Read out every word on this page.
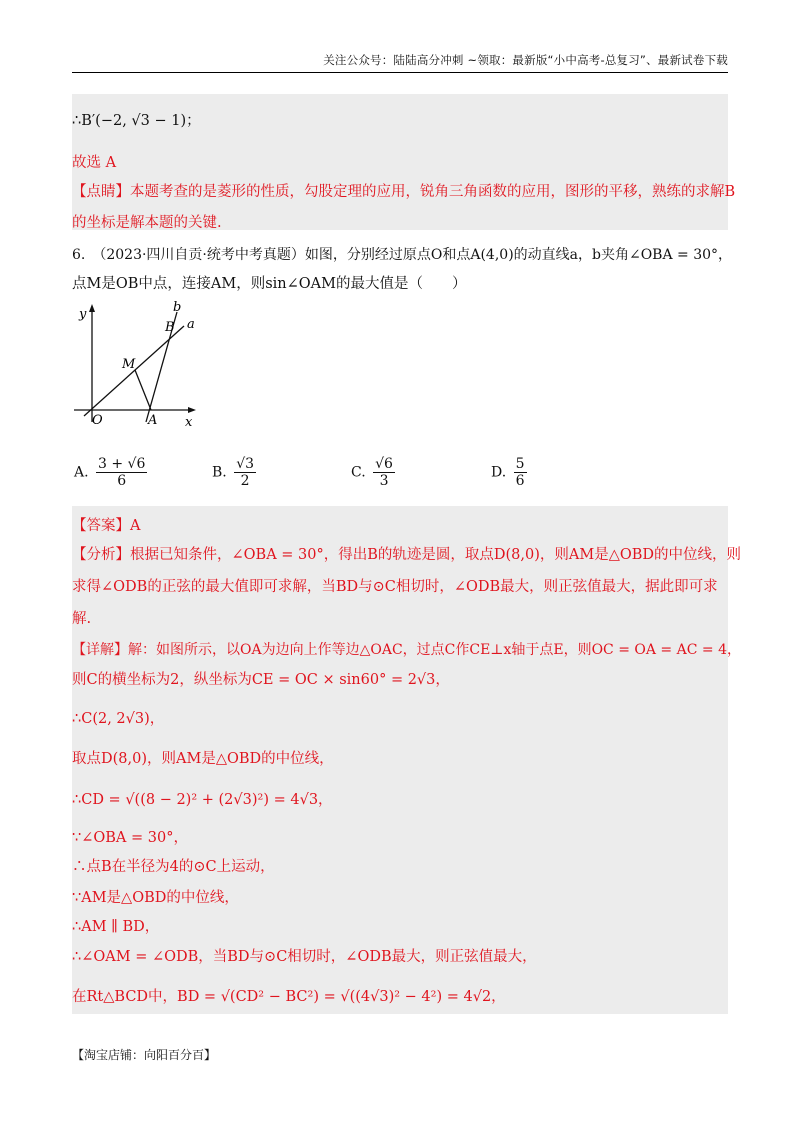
关注公众号：陆陆高分冲刺 ~领取：最新版“小中高考-总复习”、最新试卷下载
∴B′(−2, √3 − 1)；
故选 A
【点睛】本题考查的是菱形的性质，勾股定理的应用，锐角三角函数的应用，图形的平移，熟练的求解B
的坐标是解本题的关键.
6.　（2023·四川自贡·统考中考真题）如图，分别经过原点O和点A(4,0)的动直线a，b夹角∠OBA = 30°，
点M是OB中点，连接AM，则sin∠OAM的最大值是（　　）
y
x
O	A
M
B
b
a
A. $\frac{3 + √6}{6}$	B. $\frac{√3}{2}$	C. $\frac{√6}{3}$	D. $\frac{5}{6}$
【答案】A
【分析】根据已知条件，∠OBA = 30°，得出B的轨迹是圆，取点D(8,0)，则AM是△OBD的中位线，则
求得∠ODB的正弦的最大值即可求解，当BD与⊙C相切时，∠ODB最大，则正弦值最大，据此即可求
解.
【详解】解：如图所示，以OA为边向上作等边△OAC，过点C作CE⊥x轴于点E，则OC = OA = AC = 4，
则C的横坐标为2，纵坐标为CE = OC × sin60° = 2√3，
∴C(2, 2√3)，
取点D(8,0)，则AM是△OBD的中位线，
∴CD = √((8 − 2)² + (2√3)²) = 4√3，
∵∠OBA = 30°，
∴点B在半径为4的⊙C上运动，
∵AM是△OBD的中位线，
∴AM ∥ BD，
∴∠OAM = ∠ODB，当BD与⊙C相切时，∠ODB最大，则正弦值最大，
在Rt△BCD中，BD = √(CD² − BC²) = √((4√3)² − 4²) = 4√2，
【淘宝店铺：向阳百分百】
